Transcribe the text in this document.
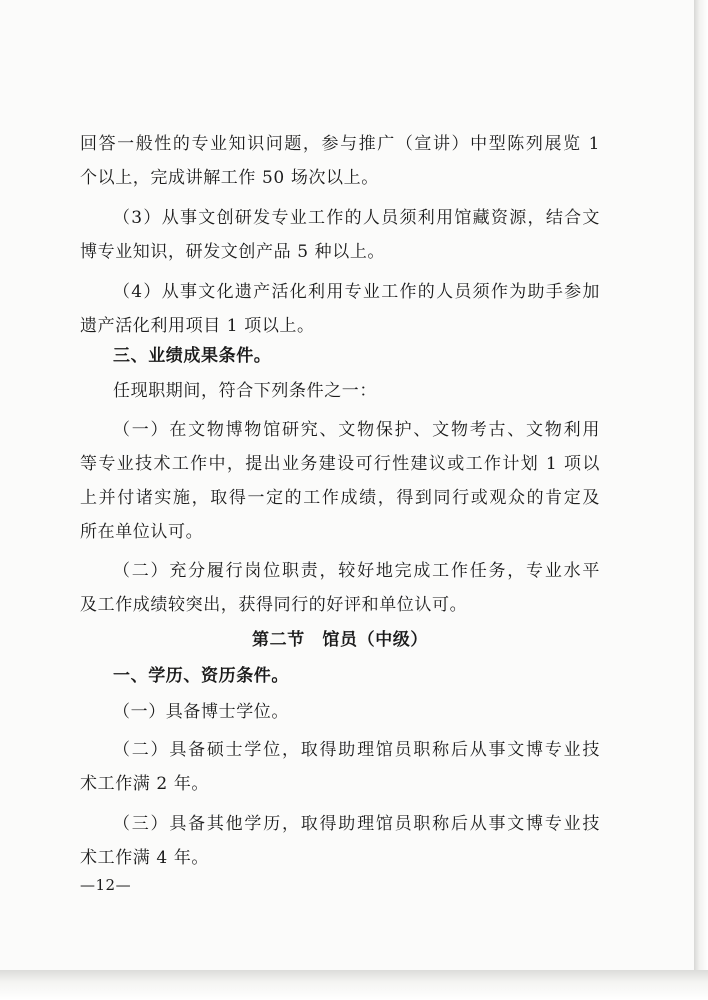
回答一般性的专业知识问题，参与推广（宣讲）中型陈列展览 1
个以上，完成讲解工作 50 场次以上。
（3）从事文创研发专业工作的人员须利用馆藏资源，结合文
博专业知识，研发文创产品 5 种以上。
（4）从事文化遗产活化利用专业工作的人员须作为助手参加
遗产活化利用项目 1 项以上。
三、业绩成果条件。
任现职期间，符合下列条件之一：
（一）在文物博物馆研究、文物保护、文物考古、文物利用
等专业技术工作中，提出业务建设可行性建议或工作计划 1 项以
上并付诸实施，取得一定的工作成绩，得到同行或观众的肯定及
所在单位认可。
（二）充分履行岗位职责，较好地完成工作任务，专业水平
及工作成绩较突出，获得同行的好评和单位认可。
第二节　馆员（中级）
一、学历、资历条件。
（一）具备博士学位。
（二）具备硕士学位，取得助理馆员职称后从事文博专业技
术工作满 2 年。
（三）具备其他学历，取得助理馆员职称后从事文博专业技
术工作满 4 年。
—12—
